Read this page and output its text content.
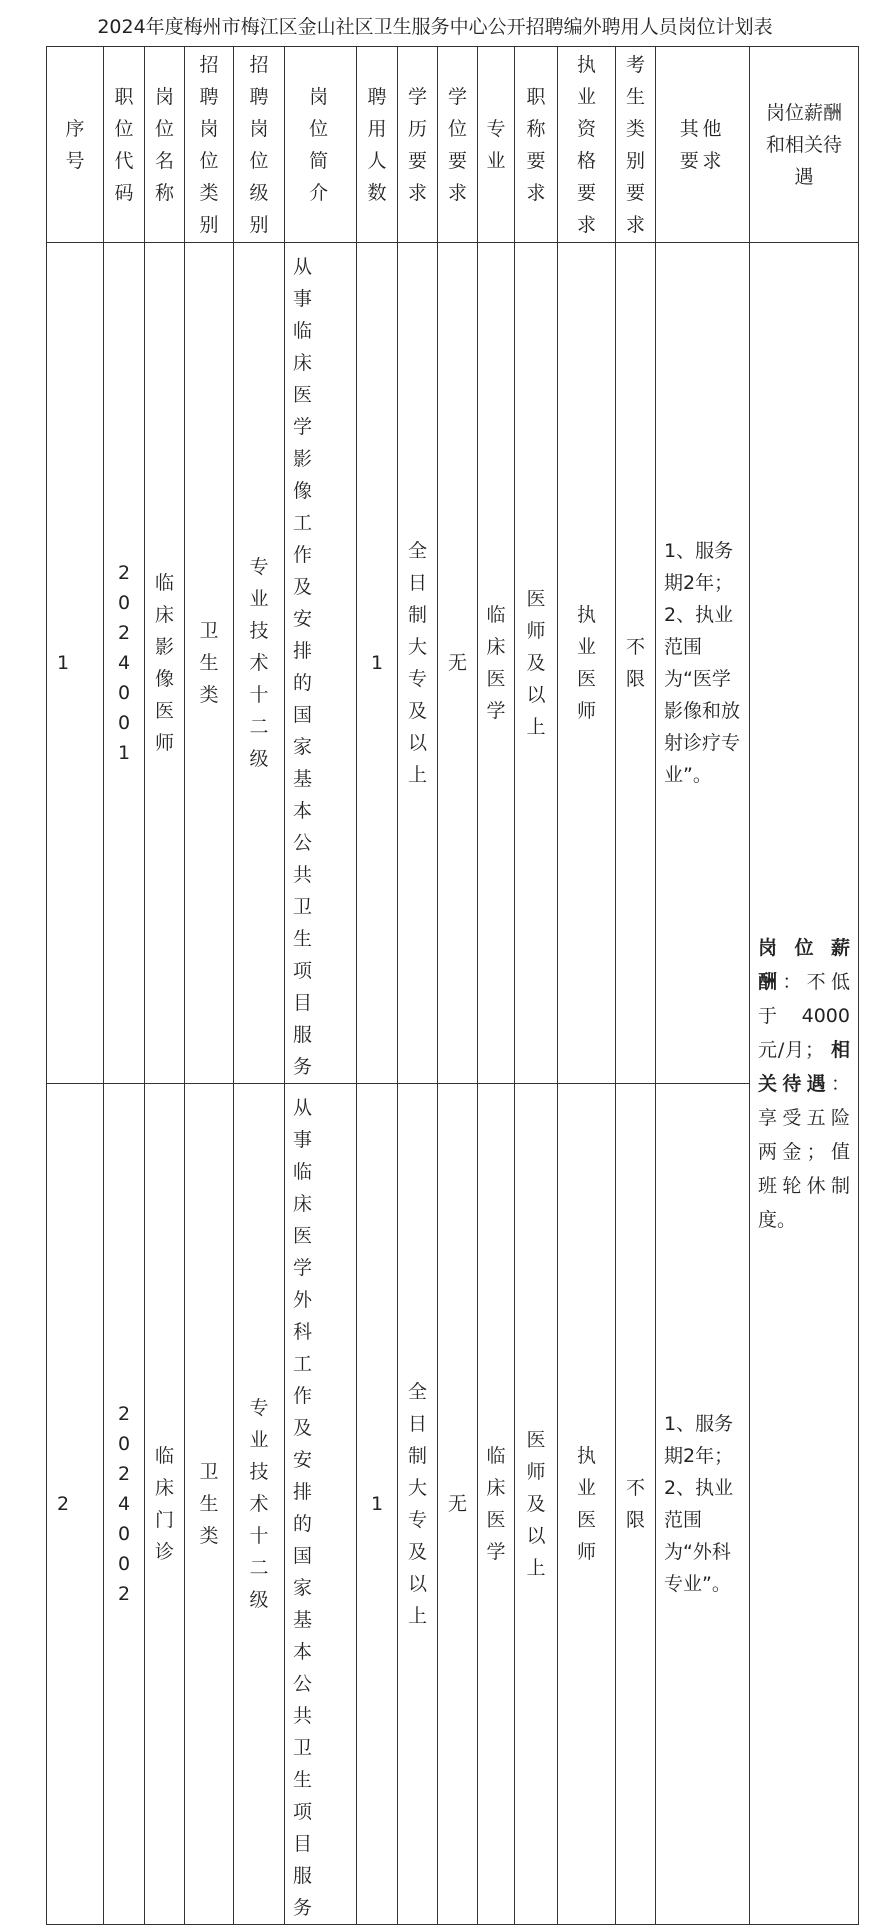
2024年度梅州市梅江区金山社区卫生服务中心公开招聘编外聘用人员岗位计划表
序号	职位代码	岗位名称	招聘岗位类别	招聘岗位级别	岗位简介	聘用人数	学历要求	学位要求	专业	职称要求	执业资格要求	考生类别要求	其他要求	岗位薪酬和相关待遇
1	2024001	临床影像医师	卫生类	专业技术十二级	从事临床医学影像工作及安排的国家基本公共卫生项目服务	1	全日制大专及以上	无	临床医学	医师及以上	执业医师	不限	1、服务期2年；2、执业范围为“医学影像和放射诊疗专业”。	岗位薪酬：不低于 4000 元/月； 相关待遇：享受五险两金；值班轮休制度。
2	2024002	临床门诊	卫生类	专业技术十二级	从事临床医学外科工作及安排的国家基本公共卫生项目服务	1	全日制大专及以上	无	临床医学	医师及以上	执业医师	不限	1、服务期2年；2、执业范围为“外科专业”。	
